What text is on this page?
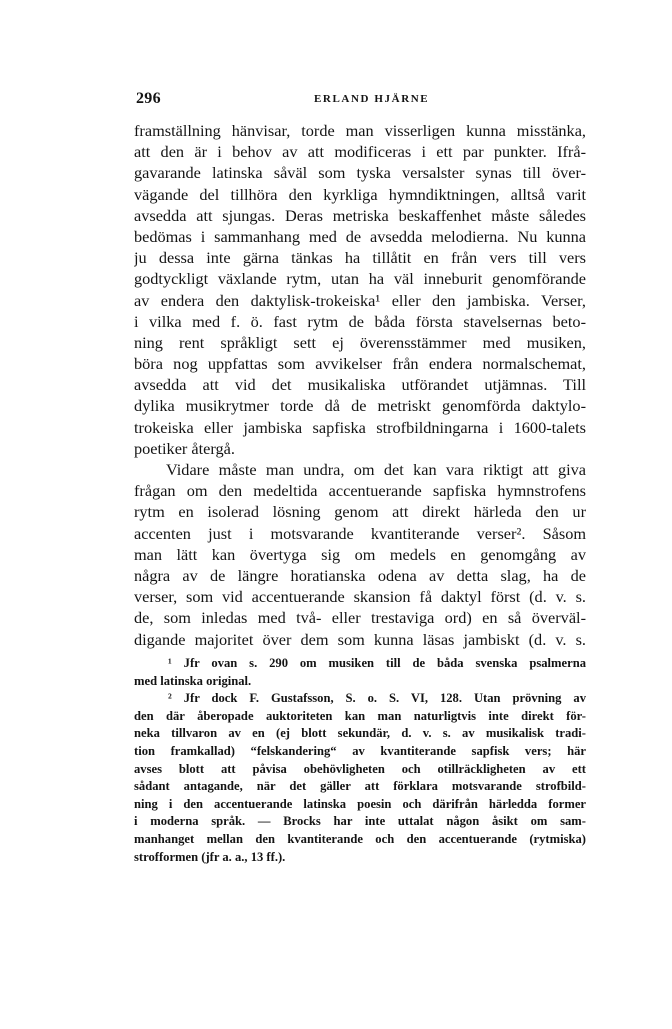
296	ERLAND HJÄRNE
framställning hänvisar, torde man visserligen kunna misstänka,
att den är i behov av att modificeras i ett par punkter. Ifrå-
gavarande latinska såväl som tyska versalster synas till över-
vägande del tillhöra den kyrkliga hymndiktningen, alltså varit
avsedda att sjungas. Deras metriska beskaffenhet måste således
bedömas i sammanhang med de avsedda melodierna. Nu kunna
ju dessa inte gärna tänkas ha tillåtit en från vers till vers
godtyckligt växlande rytm, utan ha väl inneburit genomförande
av endera den daktylisk-trokeiska¹ eller den jambiska. Verser,
i vilka med f. ö. fast rytm de båda första stavelsernas beto-
ning rent språkligt sett ej överensstämmer med musiken,
böra nog uppfattas som avvikelser från endera normalschemat,
avsedda att vid det musikaliska utförandet utjämnas. Till
dylika musikrytmer torde då de metriskt genomförda daktylo-
trokeiska eller jambiska sapfiska strofbildningarna i 1600-talets
poetiker återgå.
Vidare måste man undra, om det kan vara riktigt att giva
frågan om den medeltida accentuerande sapfiska hymnstrofens
rytm en isolerad lösning genom att direkt härleda den ur
accenten just i motsvarande kvantiterande verser². Såsom
man lätt kan övertyga sig om medels en genomgång av
några av de längre horatianska odena av detta slag, ha de
verser, som vid accentuerande skansion få daktyl först (d. v. s.
de, som inledas med två- eller trestaviga ord) en så överväl-
digande majoritet över dem som kunna läsas jambiskt (d. v. s.
¹ Jfr ovan s. 290 om musiken till de båda svenska psalmerna
med latinska original.
² Jfr dock F. Gustafsson, S. o. S. VI, 128. Utan prövning av
den där åberopade auktoriteten kan man naturligtvis inte direkt för-
neka tillvaron av en (ej blott sekundär, d. v. s. av musikalisk tradi-
tion framkallad) “felskandering“ av kvantiterande sapfisk vers; här
avses blott att påvisa obehövligheten och otillräckligheten av ett
sådant antagande, när det gäller att förklara motsvarande strofbild-
ning i den accentuerande latinska poesin och därifrån härledda former
i moderna språk. — Brocks har inte uttalat någon åsikt om sam-
manhanget mellan den kvantiterande och den accentuerande (rytmiska)
strofformen (jfr a. a., 13 ff.).
